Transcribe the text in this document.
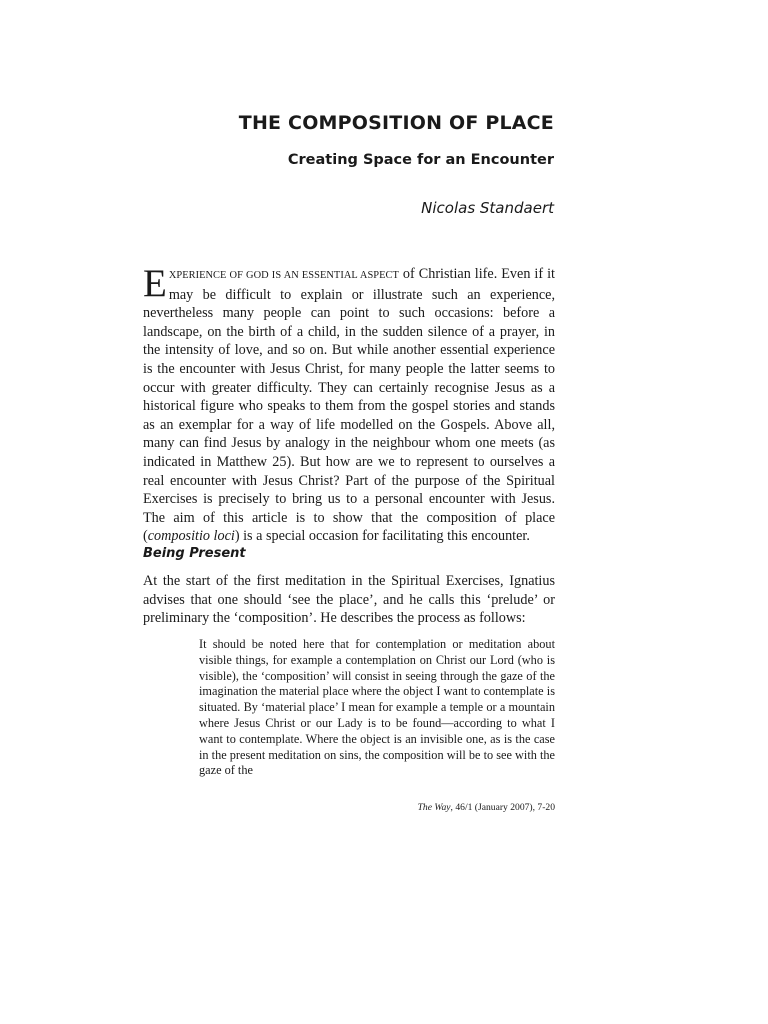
THE COMPOSITION OF PLACE
Creating Space for an Encounter
Nicolas Standaert

EXPERIENCE OF GOD IS AN ESSENTIAL ASPECT of Christian life. Even if it may be difficult to explain or illustrate such an experience, nevertheless many people can point to such occasions: before a landscape, on the birth of a child, in the sudden silence of a prayer, in the intensity of love, and so on. But while another essential experience is the encounter with Jesus Christ, for many people the latter seems to occur with greater difficulty. They can certainly recognise Jesus as a historical figure who speaks to them from the gospel stories and stands as an exemplar for a way of life modelled on the Gospels. Above all, many can find Jesus by analogy in the neighbour whom one meets (as indicated in Matthew 25). But how are we to represent to ourselves a real encounter with Jesus Christ? Part of the purpose of the Spiritual Exercises is precisely to bring us to a personal encounter with Jesus. The aim of this article is to show that the composition of place (compositio loci) is a special occasion for facilitating this encounter.

Being Present

At the start of the first meditation in the Spiritual Exercises, Ignatius advises that one should ‘see the place’, and he calls this ‘prelude’ or preliminary the ‘composition’. He describes the process as follows:

It should be noted here that for contemplation or meditation about visible things, for example a contemplation on Christ our Lord (who is visible), the ‘composition’ will consist in seeing through the gaze of the imagination the material place where the object I want to contemplate is situated. By ‘material place’ I mean for example a temple or a mountain where Jesus Christ or our Lady is to be found—according to what I want to contemplate. Where the object is an invisible one, as is the case in the present meditation on sins, the composition will be to see with the gaze of the

The Way, 46/1 (January 2007), 7-20
